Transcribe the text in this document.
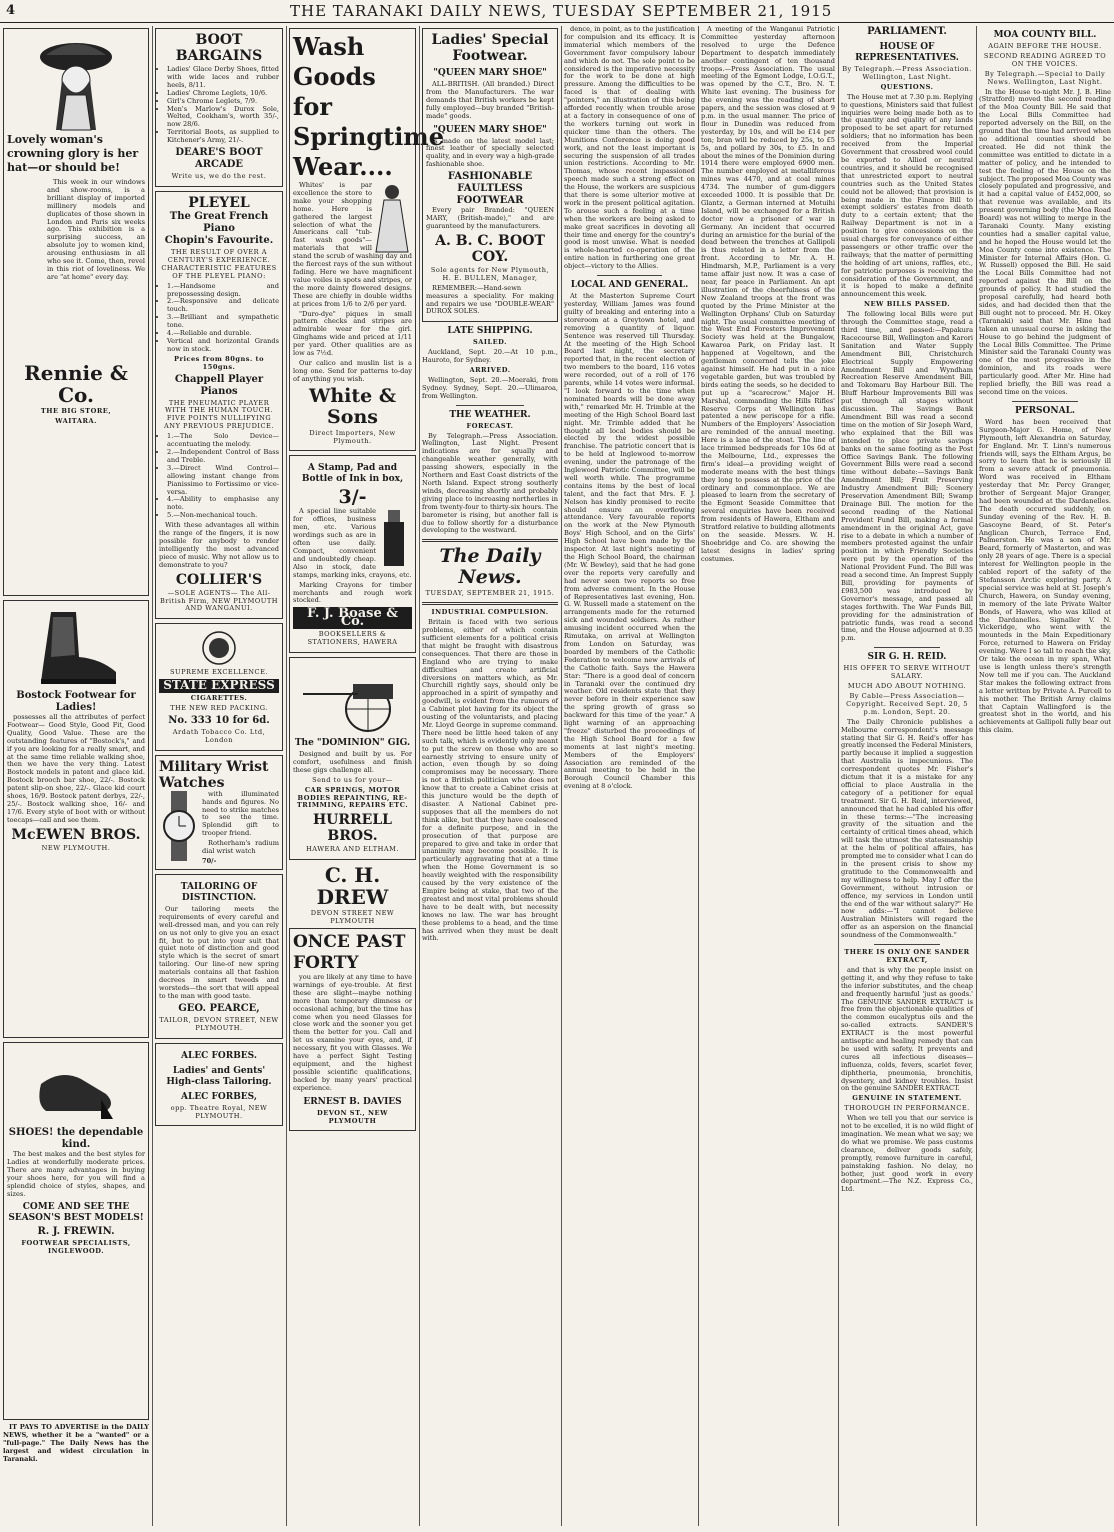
4	THE TARANAKI DAILY NEWS, TUESDAY SEPTEMBER 21, 1915
Lovely woman's crowning glory is her hat—or should be!

This week in our windows and show-rooms, is a brilliant display of imported millinery models and duplicates of those shown in London and Paris six weeks ago. This exhibition is a surprising success, an absolute joy to women kind, arousing enthusiasm in all who see it. Come, then, revel in this riot of loveliness. We are "at home" every day.

Rennie & Co.
THE BIG STORE,
WAITARA.
Bostock Footwear for Ladies!

possesses all the attributes of perfect Footwear— Good Style, Good Fit, Good Quality, Good Value. These are the outstanding features of "Bostock's," and if you are looking for a really smart, and at the same time reliable walking shoe, then we have the very thing. Latest Bostock models in patent and glace kid. Bostock brooch bar shoe, 22/-. Bostock patent slip-on shoe, 22/-. Glace kid court shoes, 16/9. Bostock patent derbys, 22/-, 25/-. Bostock walking shoe, 16/- and 17/6. Every style of boot with or without toecaps—call and see them.

McEWEN BROS.
NEW PLYMOUTH.
SHOES! the dependable kind.

The best makes and the best styles for Ladies at wonderfully moderate prices. There are many advantages in buying your shoes here, for you will find a splendid choice of styles, shapes, and sizes.

COME AND SEE THE SEASON'S BEST MODELS!
R. J. FREWIN.
FOOTWEAR SPECIALISTS, INGLEWOOD.

IT PAYS TO ADVERTISE in the DAILY NEWS, whether it be a "wanted" or a "full-page." The Daily News has the largest and widest circulation in Taranaki.

BOOT BARGAINS
• Ladies' Glace Derby Shoes, fitted with wide laces and rubber heels, 8/11.
• Ladies' Chrome Leglets, 10/6.
• Girl's Chrome Leglets, 7/9.
• Men's Marlow's Durox Sole, Welted, Cookham's, worth 35/-, now 28/6.
• Territorial Boots, as supplied to Kitchener's Army, 21/-.
DEARE'S BOOT ARCADE
Write us, we do the rest.
PLEYEL
The Great French Piano
Chopin's Favourite.
THE RESULT OF OVER A CENTURY'S EXPERIENCE. CHARACTERISTIC FEATURES OF THE PLEYEL PIANO:
• 1.—Handsome and prepossessing design.
• 2.—Responsive and delicate touch.
• 3.—Brilliant and sympathetic tone.
• 4.—Reliable and durable.
• Vertical and horizontal Grands now in stock.
Prices from 80gns. to 150gns.
Chappell Player Pianos
THE PNEUMATIC PLAYER WITH THE HUMAN TOUCH. FIVE POINTS NULLIFYING ANY PREVIOUS PREJUDICE.
• 1.—The Solo Device—accentuating the melody.
• 2.—Independent Control of Bass and Treble.
• 3.—Direct Wind Control—allowing instant change from Pianissimo to Fortissimo or vice-versa.
• 4.—Ability to emphasise any note.
• 5.—Non-mechanical touch.

With these advantages all within the range of the fingers, it is now possible for anybody to render intelligently the most advanced piece of music. Why not allow us to demonstrate to you?

COLLIER'S
—SOLE AGENTS— The All-British Firm, NEW PLYMOUTH AND WANGANUI.
SUPREME EXCELLENCE.
STATE EXPRESS
CIGARETTES.
THE NEW RED PACKING.
No. 333 10 for 6d.
Ardath Tobacco Co. Ltd, London
Military Wrist Watches

with illuminated hands and figures. No need to strike matches to see the time. Splendid gift to trooper friend.

Rotherham's radium dial wrist watch

70/-
TAILORING OF DISTINCTION.

Our tailoring meets the requirements of every careful and well-dressed man, and you can rely on us not only to give you an exact fit, but to put into your suit that quiet note of distinction and good style which is the secret of smart tailoring. Our line-of new spring materials contains all that fashion decrees in smart tweeds and worsteds—the sort that will appeal to the man with good taste.

GEO. PEARCE,
TAILOR, DEVON STREET, NEW PLYMOUTH.
ALEC FORBES.
Ladies' and Gents' High-class Tailoring.
ALEC FORBES,
opp. Theatre Royal, NEW PLYMOUTH.
Wash Goods for Springtime Wear....

Whites' is par excellence the store to make your shopping home. Here is gathered the largest selection of what the Americans call "tub-fast wash goods"—materials that will stand the scrub of washing day and the fiercest rays of the sun without fading. Here we have magnificent value voiles in spots and stripes, or the more dainty flowered designs. These are chiefly in double widths at prices from 1/6 to 2/6 per yard.

"Duro-dye" piques in small pattern checks and stripes are admirable wear for the girl. Ginghams wide and priced at 1/11 per yard. Other qualities are as low as 7½d.

Our calico and muslin list is a long one. Send for patterns to-day of anything you wish.

White & Sons
Direct Importers, New Plymouth.
A Stamp, Pad and Bottle of Ink in box,
3/-

A special line suitable for offices, business men, etc. Various wordings such as are in often use daily. Compact, convenient and undoubtedly cheap. Also in stock, date stamps, marking inks, crayons, etc.

Marking Crayons for timber merchants and rough work stocked.

F. J. Boase & Co.
BOOKSELLERS & STATIONERS, HAWERA
The "DOMINION" GIG.

Designed and built by us. For comfort, usefulness and finish these gigs challenge all.

Send to us for your—
CAR SPRINGS, MOTOR BODIES REPAINTING, RE-TRIMMING, REPAIRS ETC.
HURRELL BROS.
HAWERA AND ELTHAM.
C. H. DREW
DEVON STREET NEW PLYMOUTH
ONCE PAST FORTY

you are likely at any time to have warnings of eye-trouble. At first these are slight—maybe nothing more than temporary dimness or occasional aching, but the time has come when you need Glasses for close work and the sooner you get them the better for you. Call and let us examine your eyes, and, if necessary, fit you with Glasses. We have a perfect Sight Testing equipment, and the highest possible scientific qualifications, backed by many years' practical experience.

ERNEST B. DAVIES
DEVON ST., NEW PLYMOUTH
Ladies' Special Footwear.
"QUEEN MARY SHOE"

ALL-BRITISH. (All branded.) Direct from the Manufacturers. The war demands that British workers be kept fully employed—buy branded "British-made" goods.

"QUEEN MARY SHOE"

is made on the latest model last; finest leather of specially selected quality, and in every way a high-grade fashionable shoe.

FASHIONABLE FAULTLESS FOOTWEAR

Every pair Branded: "QUEEN MARY, (British-made)," and are guaranteed by the manufacturers.

A. B. C. BOOT COY.
Sole agents for New Plymouth, H. E. BULLEN, Manager,

REMEMBER:—Hand-sewn measures a speciality. For making and repairs we use "DOUBLE-WEAR" DUROX SOLES.

LATE SHIPPING.
SAILED.

Auckland, Sept. 20.—At 10 p.m., Hauroto, for Sydney.

ARRIVED.

Wellington, Sept. 20.—Moeraki, from Sydney. Sydney, Sept. 20.—Ulimaroa, from Wellington.

THE WEATHER.
FORECAST.

By Telegraph.—Press Association. Wellington, Last Night. Present indications are for squally and changeable weather generally, with passing showers, especially in the Northern and East Coast districts of the North Island. Expect strong southerly winds, decreasing shortly and probably giving place to increasing northerlies in from twenty-four to thirty-six hours. The barometer is rising, but another fall is due to follow shortly for a disturbance developing to the westward.

The Daily News.
TUESDAY, SEPTEMBER 21, 1915.
INDUSTRIAL COMPULSION.

Britain is faced with two serious problems, either of which contain sufficient elements for a political crisis that might be fraught with disastrous consequences. That there are those in England who are trying to make difficulties and create artificial diversions on matters which, as Mr. Churchill rightly says, should only be approached in a spirit of sympathy and goodwill, is evident from the rumours of a Cabinet plot having for its object the ousting of the voluntarists, and placing Mr. Lloyd George in supreme command. There need be little heed taken of any such talk, which is evidently only meant to put the screw on those who are so earnestly striving to ensure unity of action, even though by so doing compromises may be necessary. There is not a British politician who does not know that to create a Cabinet crisis at this juncture would be the depth of disaster. A National Cabinet pre-supposes that all the members do not think alike, but that they have coalesced for a definite purpose, and in the prosecution of that purpose are prepared to give and take in order that unanimity may become possible. It is particularly aggravating that at a time when the Home Government is so heavily weighted with the responsibility caused by the very existence of the Empire being at stake, that two of the greatest and most vital problems should have to be dealt with, but necessity knows no law. The war has brought these problems to a head, and the time has arrived when they must be dealt with.

dence, in point, as to the justification for compulsion and its efficacy. It is immaterial which members of the Government favor compulsory labour and which do not. The sole point to be considered is the imperative necessity for the work to be done at high pressure. Among the difficulties to be faced is that of dealing with "pointers," an illustration of this being afforded recently when trouble arose at a factory in consequence of one of the workers turning out work in quicker time than the others. The Munitions Conference is doing good work, and not the least important is securing the suspension of all trades union restrictions. According to Mr. Thomas, whose recent impassioned speech made such a strong effect on the House, the workers are suspicious that there is some ulterior motive at work in the present political agitation. To arouse such a feeling at a time when the workers are being asked to make great sacrifices in devoting all their time and energy for the country's good is most unwise. What is needed is whole-hearted co-operation of the entire nation in furthering one great object—victory to the Allies.

LOCAL AND GENERAL.

At the Masterton Supreme Court yesterday, William James was found guilty of breaking and entering into a storeroom at a Greytown hotel, and removing a quantity of liquor. Sentence was reserved till Thursday. At the meeting of the High School Board last night, the secretary reported that, in the recent election of two members to the board, 116 votes were recorded, out of a roll of 176 parents, while 14 votes were informal. "I look forward to the time when nominated boards will be done away with," remarked Mr. H. Trimble at the meeting of the High School Board last night. Mr. Trimble added that he thought all local bodies should be elected by the widest possible franchise. The patriotic concert that is to be held at Inglewood to-morrow evening, under the patronage of the Inglewood Patriotic Committee, will be well worth while. The programme contains items by the best of local talent, and the fact that Mrs. F. J. Nelson has kindly promised to recite should ensure an overflowing attendance. Very favourable reports on the work at the New Plymouth Boys' High School, and on the Girls' High School have been made by the inspector. At last night's meeting of the High School Board, the chairman (Mr. W. Bewley), said that he had gone over the reports very carefully and had never seen two reports so free from adverse comment. In the House of Representatives last evening, Hon. G. W. Russell made a statement on the arrangements made for the returned sick and wounded soldiers. As rather amusing incident occurred when the Rimutaka, on arrival at Wellington from London on Saturday, was boarded by members of the Catholic Federation to welcome new arrivals of the Catholic faith. Says the Hawera Star: "There is a good deal of concern in Taranaki over the continued dry weather. Old residents state that they never before in their experience saw the spring growth of grass so backward for this time of the year." A light warning of an approaching "freeze" disturbed the proceedings of the High School Board for a few moments at last night's meeting. Members of the Employers' Association are reminded of the annual meeting to be held in the Borough Council Chamber this evening at 8 o'clock.

A meeting of the Wanganui Patriotic Committee yesterday afternoon resolved to urge the Defence Department to despatch immediately another contingent of ten thousand troops.—Press Association. The usual meeting of the Egmont Lodge, I.O.G.T., was opened by the C.T., Bro. N. T. White last evening. The business for the evening was the reading of short papers, and the session was closed at 9 p.m. in the usual manner. The price of flour in Dunedin was reduced from yesterday, by 10s, and will be £14 per ton; bran will be reduced by 25s, to £5 5s, and pollard by 30s, to £5. In and about the mines of the Dominion during 1914 there were employed 6900 men. The number employed at metalliferous mines was 4470, and at coal mines 4734. The number of gum-diggers exceeded 1000. It is possible that Dr. Glantz, a German interned at Motuihi Island, will be exchanged for a British doctor now a prisoner of war in Germany. An incident that occurred during an armistice for the burial of the dead between the trenches at Gallipoli is thus related in a letter from the front. According to Mr. A. H. Hindmarsh, M.P., Parliament is a very tame affair just now. It was a case of near, far peace in Parliament. An apt illustration of the cheerfulness of the New Zealand troops at the front was quoted by the Prime Minister at the Wellington Orphans' Club on Saturday night. The usual committee meeting of the West End Foresters Improvement Society was held at the Bungalow, Kawaroa Park, on Friday last. It happened at Vogeltown, and the gentleman concerned tells the joke against himself. He had put in a nice vegetable garden, but was troubled by birds eating the seeds, so he decided to put up a "scarecrow." Major H. Marshal, commanding the Hills Rifles' Reserve Corps at Wellington has patented a new periscope for a rifle. Numbers of the Employers' Association are reminded of the annual meeting. Here is a lane of the stoat. The line of lace trimmed bedspreads for 10s 6d at the Melbourne, Ltd., expresses the firm's ideal—a providing weight of moderate means with the best things they long to possess at the price of the ordinary and commonplace. We are pleased to learn from the secretary of the Egmont Seaside Committee that several enquiries have been received from residents of Hawera, Eltham and Stratford relative to building allotments on the seaside. Messrs. W. H. Shoebridge and Co. are showing the latest designs in ladies' spring costumes.

PARLIAMENT.
HOUSE OF REPRESENTATIVES.
By Telegraph.—Press Association. Wellington, Last Night.
QUESTIONS.

The House met at 7.30 p.m. Replying to questions, Ministers said that fullest inquiries were being made both as to the quantity and quality of any lands proposed to be set apart for returned soldiers; that no information has been received from the Imperial Government that crossbred wool could be exported to Allied or neutral countries, and it should be recognised that unrestricted export to neutral countries such as the United States could not be allowed; that provision is being made in the Finance Bill to exempt soldiers' estates from death duty to a certain extent; that the Railway Department is not in a position to give concessions on the usual charges for conveyance of either passengers or other traffic over the railways; that the matter of permitting the holding of art unions, raffles, etc., for patriotic purposes is receiving the consideration of the Government, and it is hoped to make a definite announcement this week.

NEW BILLS PASSED.

The following local Bills were put through the Committee stage, read a third time, and passed:—Papakura Racecourse Bill, Wellington and Karori Sanitation and Water Supply Amendment Bill, Christchurch Electrical Supply Empowering Amendment Bill and Wyndham Recreation Reserve Amendment Bill, and Tokomaru Bay Harbour Bill. The Bluff Harbour Improvements Bill was put through all stages without discussion. The Savings Bank Amendment Bill was read a second time on the motion of Sir Joseph Ward, who explained that the Bill was intended to place private savings banks on the same footing as the Post Office Savings Bank. The following Government Bills were read a second time without debate:—Savings Bank Amendment Bill; Fruit Preserving Industry Amendment Bill; Scenery Preservation Amendment Bill; Swamp Drainage Bill. The motion for the second reading of the National Provident Fund Bill, making a formal amendment in the original Act, gave rise to a debate in which a number of members protested against the unfair position in which Friendly Societies were put by the operation of the National Provident Fund. The Bill was read a second time. An Imprest Supply Bill, providing for payments of £983,500 was introduced by Governor's message, and passed all stages forthwith. The War Funds Bill, providing for the administration of patriotic funds, was read a second time, and the House adjourned at 0.35 p.m.

SIR G. H. REID.
HIS OFFER TO SERVE WITHOUT SALARY.
MUCH ADO ABOUT NOTHING.
By Cable—Press Association—Copyright. Received Sept. 20, 5 p.m. London, Sept. 20.

The Daily Chronicle publishes a Melbourne correspondent's message stating that Sir G. H. Reid's offer has greatly incensed the Federal Ministers, partly because it implied a suggestion that Australia is impecunious. The correspondent quotes Mr. Fisher's dictum that it is a mistake for any official to place Australia in the category of a petitioner for equal treatment. Sir G. H. Reid, interviewed, announced that he had cabled his offer in these terms:—"The increasing gravity of the situation and the certainty of critical times ahead, which will task the utmost the statesmanship at the helm of political affairs, has prompted me to consider what I can do in the present crisis to show my gratitude to the Commonwealth and my willingness to help. May I offer the Government, without intrusion or offence, my services in London until the end of the war without salary?" He now adds:—"I cannot believe Australian Ministers will regard the offer as an aspersion on the financial soundness of the Commonwealth."

THERE IS ONLY ONE SANDER EXTRACT,

and that is why the people insist on getting it, and why they refuse to take the inferior substitutes, and the cheap and frequently harmful 'just as goods.' The GENUINE SANDER EXTRACT is free from the objectionable qualities of the common eucalyptus oils and the so-called extracts. SANDER'S EXTRACT is the most powerful antiseptic and healing remedy that can be used with safety. It prevents and cures all infectious diseases—influenza, colds, fevers, scarlet fever, diphtheria, pneumonia, bronchitis, dysentery, and kidney troubles. Insist on the genuine SANDER EXTRACT.

GENUINE IN STATEMENT.
THOROUGH IN PERFORMANCE.

When we tell you that our service is not to be excelled, it is no wild flight of imagination. We mean what we say; we do what we promise. We pass customs clearance, deliver goods safely, promptly, remove furniture in careful, painstaking fashion. No delay, no bother, just good work in every department.—The N.Z. Express Co., Ltd.

MOA COUNTY BILL.
AGAIN BEFORE THE HOUSE.
SECOND READING AGREED TO ON THE VOICES.
By Telegraph.—Special to Daily News. Wellington, Last Night.

In the House to-night Mr. J. B. Hine (Stratford) moved the second reading of the Moa County Bill. He said that the Local Bills Committee had reported adversely on the Bill, on the ground that the time had arrived when no additional counties should be created. He did not think the committee was entitled to dictate in a matter of policy, and he intended to test the feeling of the House on the subject. The proposed Moa County was closely populated and progressive, and it had a capital value of £452,000, so that revenue was available, and its present governing body (the Moa Road Board) was not willing to merge in the Taranaki County. Many existing counties had a smaller capital value, and he hoped the House would let the Moa County come into existence. The Minister for Internal Affairs (Hon. G. W. Russell) opposed the Bill. He said the Local Bills Committee had not reported against the Bill on the grounds of policy. It had studied the proposal carefully, had heard both sides, and had decided then that the Bill ought not to proceed. Mr. H. Okey (Taranaki) said that Mr. Hine had taken an unusual course in asking the House to go behind the judgment of the Local Bills Committee. The Prime Minister said the Taranaki County was one of the most progressive in the dominion, and its roads were particularly good. After Mr. Hine had replied briefly, the Bill was read a second time on the voices.

PERSONAL.

Word has been received that Surgeon-Major G. Home, of New Plymouth, left Alexandria on Saturday, for England. Mr. T. Linn's numerous friends will, says the Eltham Argus, be sorry to learn that he is seriously ill from a severe attack of pneumonia. Word was received in Eltham yesterday that Mr. Percy Granger, brother of Sergeant Major Granger, had been wounded at the Dardanelles. The death occurred suddenly, on Sunday evening of the Rev. H. B. Gascoyne Beard, of St. Peter's Anglican Church, Terrace End, Palmerston. He was a son of Mr. Beard, formerly of Masterton, and was only 28 years of age. There is a special interest for Wellington people in the cabled report of the safety of the Stefansson Arctic exploring party. A special service was held at St. Joseph's Church, Hawera, on Sunday evening, in memory of the late Private Walter Bonds, of Hawera, who was killed at the Dardanelles. Signaller V. N. Vickeridge, who went with the mounteds in the Main Expeditionary Force, returned to Hawera on Friday evening. Were I so tall to reach the sky, Or take the ocean in my span, What use is length unless there's strength Now tell me if you can. The Auckland Star makes the following extract from a letter written by Private A. Purcell to his mother. The British Army claims that Captain Wallingford is the greatest shot in the world, and his achievements at Gallipoli fully bear out this claim.
